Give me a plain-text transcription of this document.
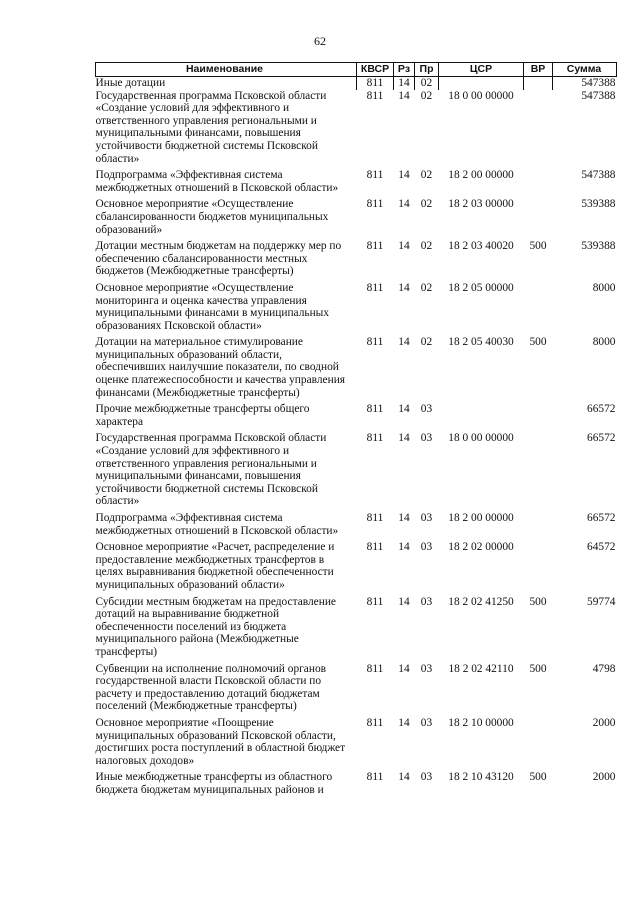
62
Наименование	КВСР	Рз	Пр	ЦСР	ВР	Сумма
Иные дотации	811	14	02			547388
Государственная программа Псковской области «Создание условий для эффективного и ответственного управления региональными и муниципальными финансами, повышения устойчивости бюджетной системы Псковской области»	811	14	02	18 0 00 00000		547388
Подпрограмма «Эффективная система межбюджетных отношений в Псковской области»	811	14	02	18 2 00 00000		547388
Основное мероприятие «Осуществление сбалансированности бюджетов муниципальных образований»	811	14	02	18 2 03 00000		539388
Дотации местным бюджетам на поддержку мер по обеспечению сбалансированности местных бюджетов (Межбюджетные трансферты)	811	14	02	18 2 03 40020	500	539388
Основное мероприятие «Осуществление мониторинга и оценка качества управления муниципальными финансами в муниципальных образованиях Псковской области»	811	14	02	18 2 05 00000		8000
Дотации на материальное стимулирование муниципальных образований области, обеспечивших наилучшие показатели, по сводной оценке платежеспособности и качества управления финансами (Межбюджетные трансферты)	811	14	02	18 2 05 40030	500	8000
Прочие межбюджетные трансферты общего характера	811	14	03			66572
Государственная программа Псковской области «Создание условий для эффективного и ответственного управления региональными и муниципальными финансами, повышения устойчивости бюджетной системы Псковской области»	811	14	03	18 0 00 00000		66572
Подпрограмма «Эффективная система межбюджетных отношений в Псковской области»	811	14	03	18 2 00 00000		66572
Основное мероприятие «Расчет, распределение и предоставление межбюджетных трансфертов в целях выравнивания бюджетной обеспеченности муниципальных образований области»	811	14	03	18 2 02 00000		64572
Субсидии местным бюджетам на предоставление дотаций на выравнивание бюджетной обеспеченности поселений из бюджета муниципального района (Межбюджетные трансферты)	811	14	03	18 2 02 41250	500	59774
Субвенции на исполнение полномочий органов государственной власти Псковской области по расчету и предоставлению дотаций бюджетам поселений (Межбюджетные трансферты)	811	14	03	18 2 02 42110	500	4798
Основное мероприятие «Поощрение муниципальных образований Псковской области, достигших роста поступлений в областной бюджет налоговых доходов»	811	14	03	18 2 10 00000		2000
Иные межбюджетные трансферты из областного бюджета бюджетам муниципальных районов и	811	14	03	18 2 10 43120	500	2000
